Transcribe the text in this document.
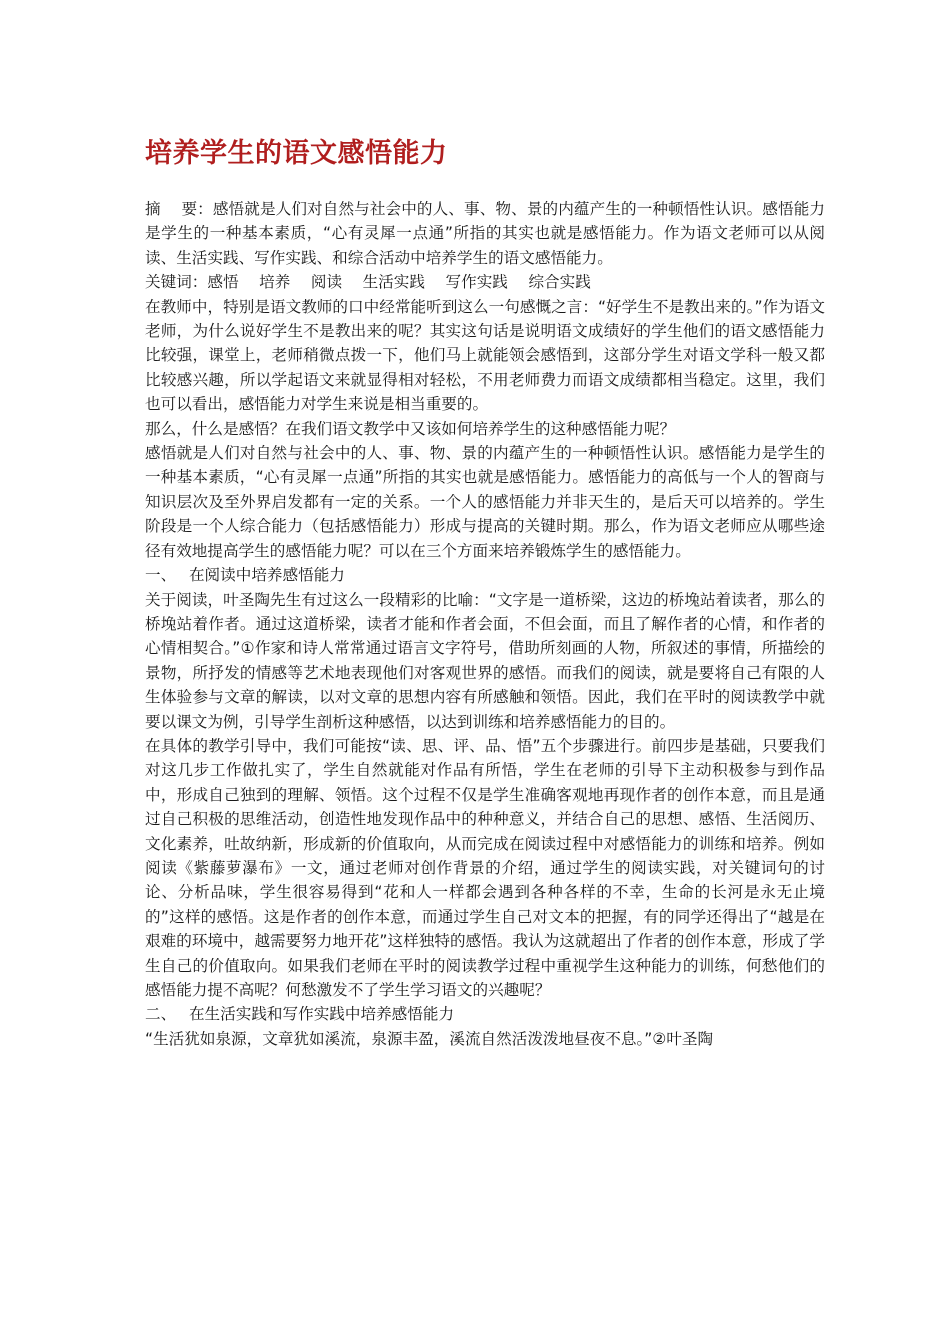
培养学生的语文感悟能力

摘　 要：感悟就是人们对自然与社会中的人、事、物、景的内蕴产生的一种顿悟性认识。感悟能力是学生的一种基本素质，“心有灵犀一点通”所指的其实也就是感悟能力。作为语文老师可以从阅读、生活实践、写作实践、和综合活动中培养学生的语文感悟能力。

关键词：感悟　 培养　 阅读　 生活实践　 写作实践　 综合实践

在教师中，特别是语文教师的口中经常能听到这么一句感慨之言：“好学生不是教出来的。”作为语文老师，为什么说好学生不是教出来的呢？其实这句话是说明语文成绩好的学生他们的语文感悟能力比较强，课堂上，老师稍微点拨一下，他们马上就能领会感悟到，这部分学生对语文学科一般又都比较感兴趣，所以学起语文来就显得相对轻松，不用老师费力而语文成绩都相当稳定。这里，我们也可以看出，感悟能力对学生来说是相当重要的。

那么，什么是感悟？在我们语文教学中又该如何培养学生的这种感悟能力呢？

感悟就是人们对自然与社会中的人、事、物、景的内蕴产生的一种顿悟性认识。感悟能力是学生的一种基本素质，“心有灵犀一点通”所指的其实也就是感悟能力。感悟能力的高低与一个人的智商与知识层次及至外界启发都有一定的关系。一个人的感悟能力并非天生的，是后天可以培养的。学生阶段是一个人综合能力（包括感悟能力）形成与提高的关键时期。那么，作为语文老师应从哪些途径有效地提高学生的感悟能力呢？可以在三个方面来培养锻炼学生的感悟能力。

一、　 在阅读中培养感悟能力

关于阅读，叶圣陶先生有过这么一段精彩的比喻：“文字是一道桥梁，这边的桥堍站着读者，那么的桥堍站着作者。通过这道桥梁，读者才能和作者会面，不但会面，而且了解作者的心情，和作者的心情相契合。”①作家和诗人常常通过语言文字符号，借助所刻画的人物，所叙述的事情，所描绘的景物，所抒发的情感等艺术地表现他们对客观世界的感悟。而我们的阅读，就是要将自己有限的人生体验参与文章的解读，以对文章的思想内容有所感触和领悟。因此，我们在平时的阅读教学中就要以课文为例，引导学生剖析这种感悟，以达到训练和培养感悟能力的目的。

在具体的教学引导中，我们可能按“读、思、评、品、悟”五个步骤进行。前四步是基础，只要我们对这几步工作做扎实了，学生自然就能对作品有所悟，学生在老师的引导下主动积极参与到作品中，形成自己独到的理解、领悟。这个过程不仅是学生准确客观地再现作者的创作本意，而且是通过自己积极的思维活动，创造性地发现作品中的种种意义，并结合自己的思想、感悟、生活阅历、文化素养，吐故纳新，形成新的价值取向，从而完成在阅读过程中对感悟能力的训练和培养。例如阅读《紫藤萝瀑布》一文，通过老师对创作背景的介绍，通过学生的阅读实践，对关键词句的讨论、分析品味，学生很容易得到“花和人一样都会遇到各种各样的不幸，生命的长河是永无止境的”这样的感悟。这是作者的创作本意，而通过学生自己对文本的把握，有的同学还得出了“越是在艰难的环境中，越需要努力地开花”这样独特的感悟。我认为这就超出了作者的创作本意，形成了学生自己的价值取向。如果我们老师在平时的阅读教学过程中重视学生这种能力的训练，何愁他们的感悟能力提不高呢？何愁激发不了学生学习语文的兴趣呢？

二、　 在生活实践和写作实践中培养感悟能力

“生活犹如泉源，文章犹如溪流，泉源丰盈，溪流自然活泼泼地昼夜不息。”②叶圣陶
